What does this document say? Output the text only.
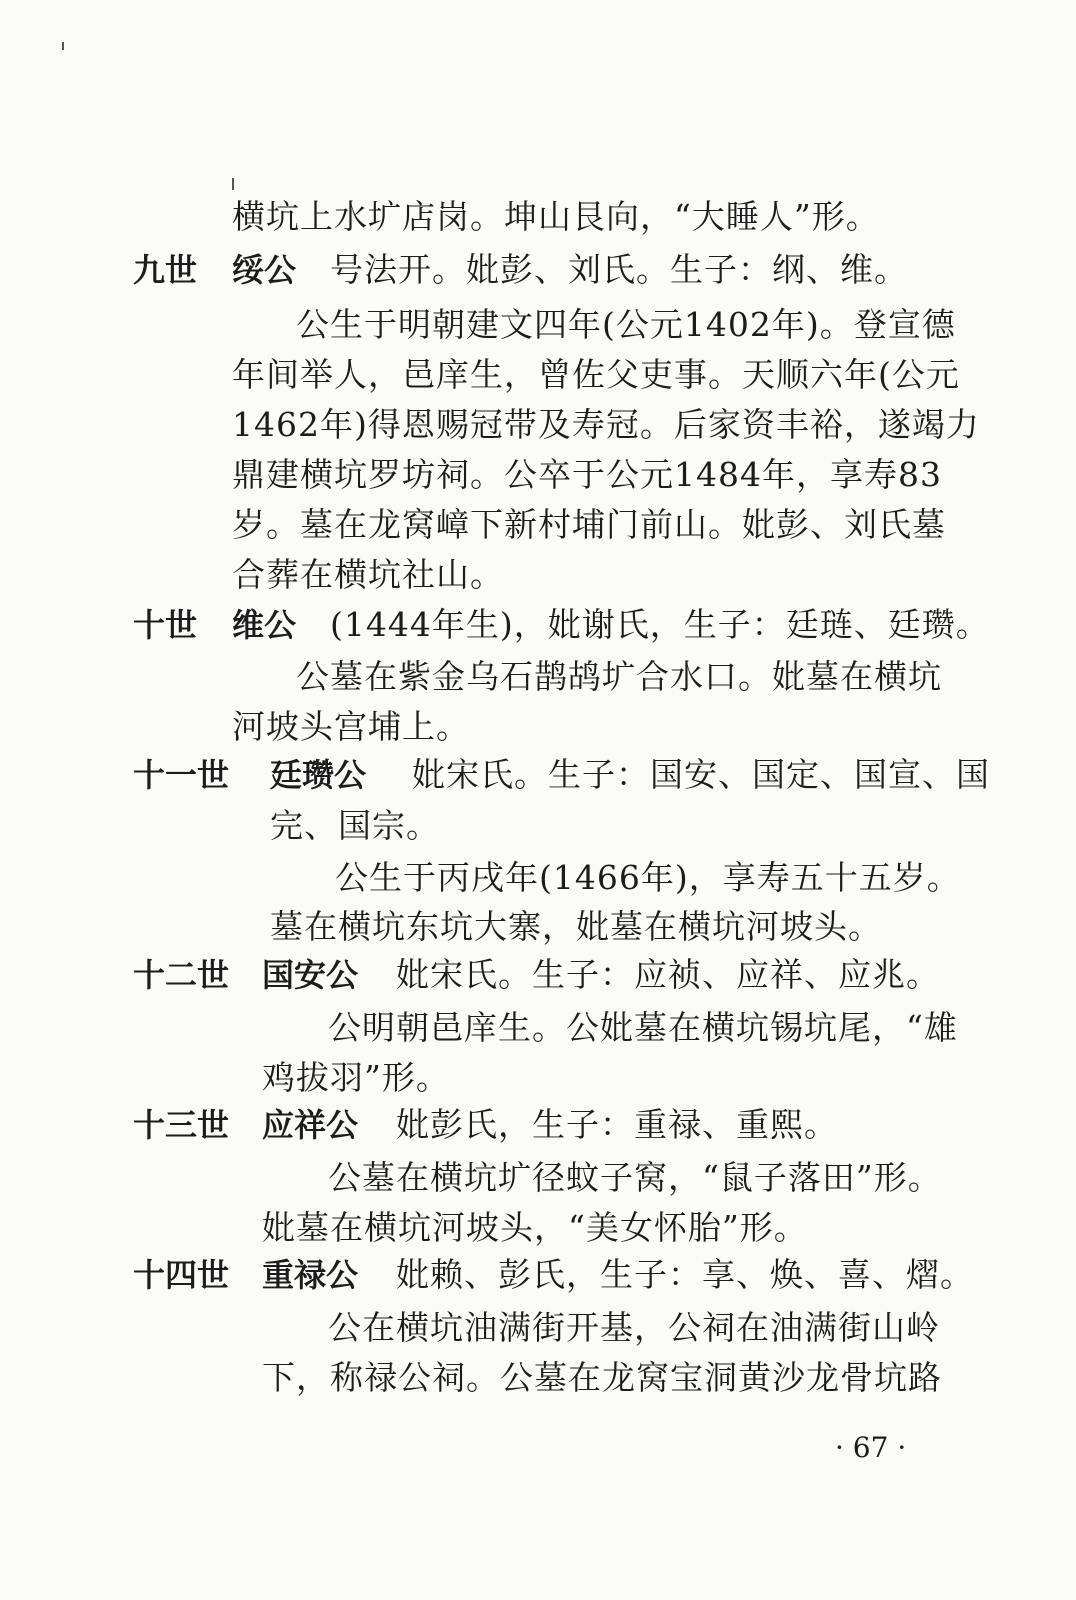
横坑上水圹店岗。坤山艮向，“大睡人”形。
九世 绥公 号法开。妣彭、刘氏。生子：纲、维。
公生于明朝建文四年(公元1402年)。登宣德
年间举人，邑庠生，曾佐父吏事。天顺六年(公元
1462年)得恩赐冠带及寿冠。后家资丰裕，遂竭力
鼎建横坑罗坊祠。公卒于公元1484年，享寿83
岁。墓在龙窝嶂下新村埔门前山。妣彭、刘氏墓
合葬在横坑社山。
十世 维公 (1444年生)，妣谢氏，生子：廷琏、廷瓒。
公墓在紫金乌石鹊鸪圹合水口。妣墓在横坑
河坡头宫埔上。
十一世 廷瓒公 妣宋氏。生子：国安、国定、国宣、国
完、国宗。
公生于丙戌年(1466年)，享寿五十五岁。
墓在横坑东坑大寨，妣墓在横坑河坡头。
十二世 国安公 妣宋氏。生子：应祯、应祥、应兆。
公明朝邑庠生。公妣墓在横坑锡坑尾，“雄
鸡拔羽”形。
十三世 应祥公 妣彭氏，生子：重禄、重熙。
公墓在横坑圹径蚊子窝，“鼠子落田”形。
妣墓在横坑河坡头，“美女怀胎”形。
十四世 重禄公 妣赖、彭氏，生子：享、焕、喜、熠。
公在横坑油满街开基，公祠在油满街山岭
下，称禄公祠。公墓在龙窝宝洞黄沙龙骨坑路
· 67 ·
